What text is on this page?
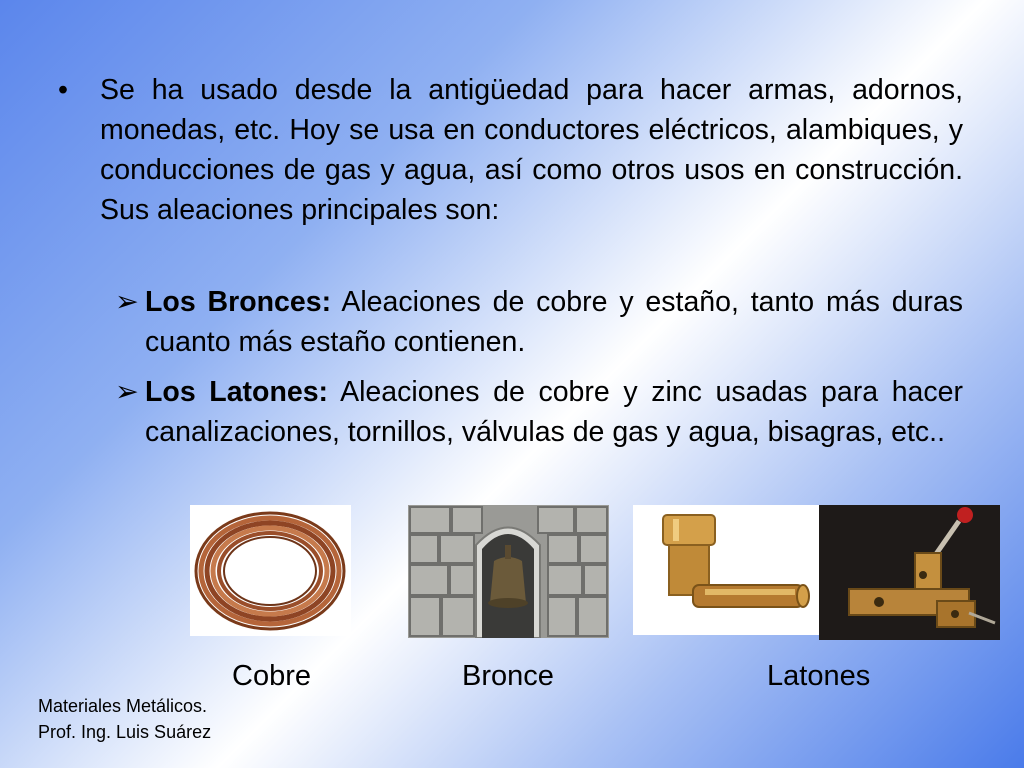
•	Se ha usado desde la antigüedad para hacer armas, adornos, monedas, etc. Hoy se usa en conductores eléctricos, alambiques, y conducciones de gas y agua, así como otros usos en construcción. Sus aleaciones principales son:
➢ Los Bronces: Aleaciones de cobre y estaño, tanto más duras cuanto más estaño contienen.
➢ Los Latones: Aleaciones de cobre y zinc usadas para hacer canalizaciones, tornillos, válvulas de gas y agua, bisagras, etc..
Cobre	Bronce	Latones
Materiales Metálicos.
Prof. Ing. Luis Suárez
